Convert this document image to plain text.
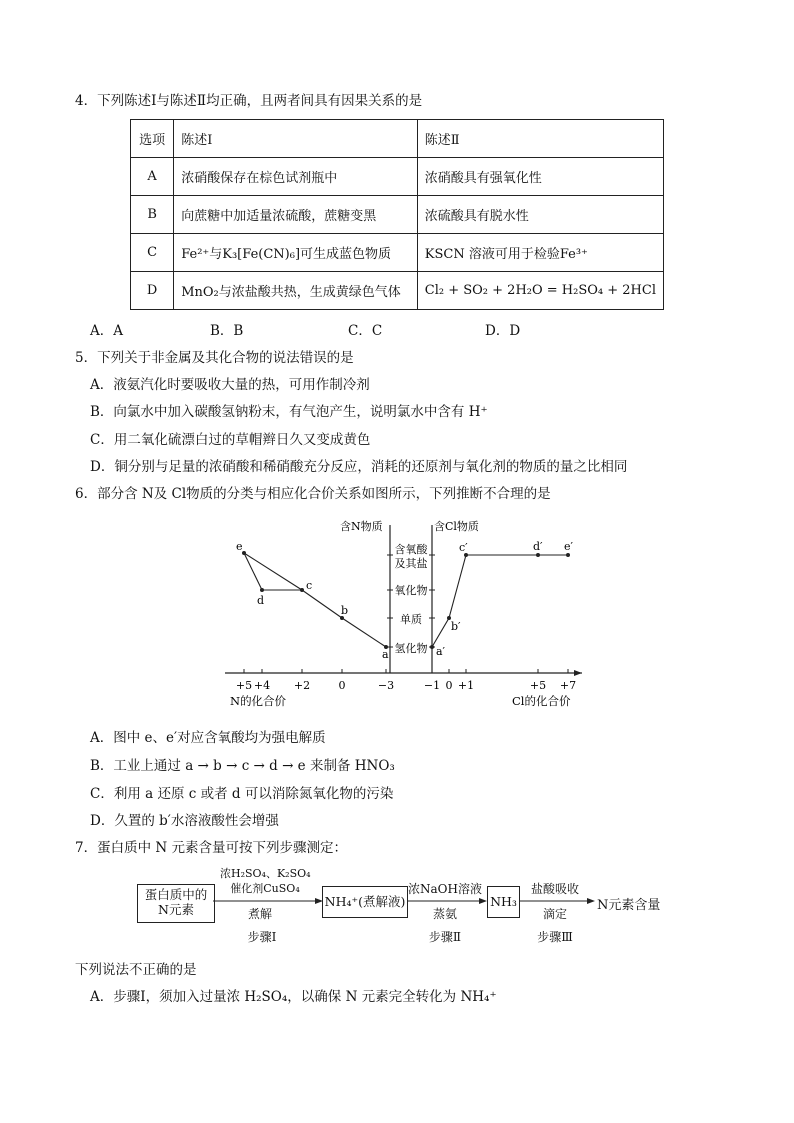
4．下列陈述Ⅰ与陈述Ⅱ均正确，且两者间具有因果关系的是
选项	陈述Ⅰ	陈述Ⅱ
A	浓硝酸保存在棕色试剂瓶中	浓硝酸具有强氧化性
B	向蔗糖中加适量浓硫酸，蔗糖变黑	浓硫酸具有脱水性
C	Fe²⁺与K₃[Fe(CN)₆]可生成蓝色物质	KSCN 溶液可用于检验Fe³⁺
D	MnO₂与浓盐酸共热，生成黄绿色气体	Cl₂ + SO₂ + 2H₂O = H₂SO₄ + 2HCl
A．A	B．B	C．C	D．D
5．下列关于非金属及其化合物的说法错误的是
A．液氨汽化时要吸收大量的热，可用作制冷剂
B．向氯水中加入碳酸氢钠粉末，有气泡产生，说明氯水中含有 H⁺
C．用二氧化硫漂白过的草帽辫日久又变成黄色
D．铜分别与足量的浓硝酸和稀硝酸充分反应，消耗的还原剂与氧化剂的物质的量之比相同
6．部分含 N及 Cl物质的分类与相应化合价关系如图所示，下列推断不合理的是
含N物质	含Cl物质
含氧酸
及其盐
氧化物
单质
氢化物
+5 +4 +2	0	−3	−1 0 +1	+5 +7
N的化合价	Cl的化合价
e
d
c
b
a	a′
b′
c′	d′ e′
A．图中 e、e′对应含氧酸均为强电解质
B．工业上通过 a → b → c → d → e 来制备 HNO₃
C．利用 a 还原 c 或者 d 可以消除氮氧化物的污染
D．久置的 b′水溶液酸性会增强
7．蛋白质中 N 元素含量可按下列步骤测定：
蛋白质中的
N元素
浓H₂SO₄、K₂SO₄
催化剂CuSO₄
煮解
NH₄⁺(煮解液)
浓NaOH溶液
蒸氨
NH₃
盐酸吸收
滴定
N元素含量
步骤Ⅰ	步骤Ⅱ	步骤Ⅲ
下列说法不正确的是
A．步骤Ⅰ，须加入过量浓 H₂SO₄，以确保 N 元素完全转化为 NH₄⁺
